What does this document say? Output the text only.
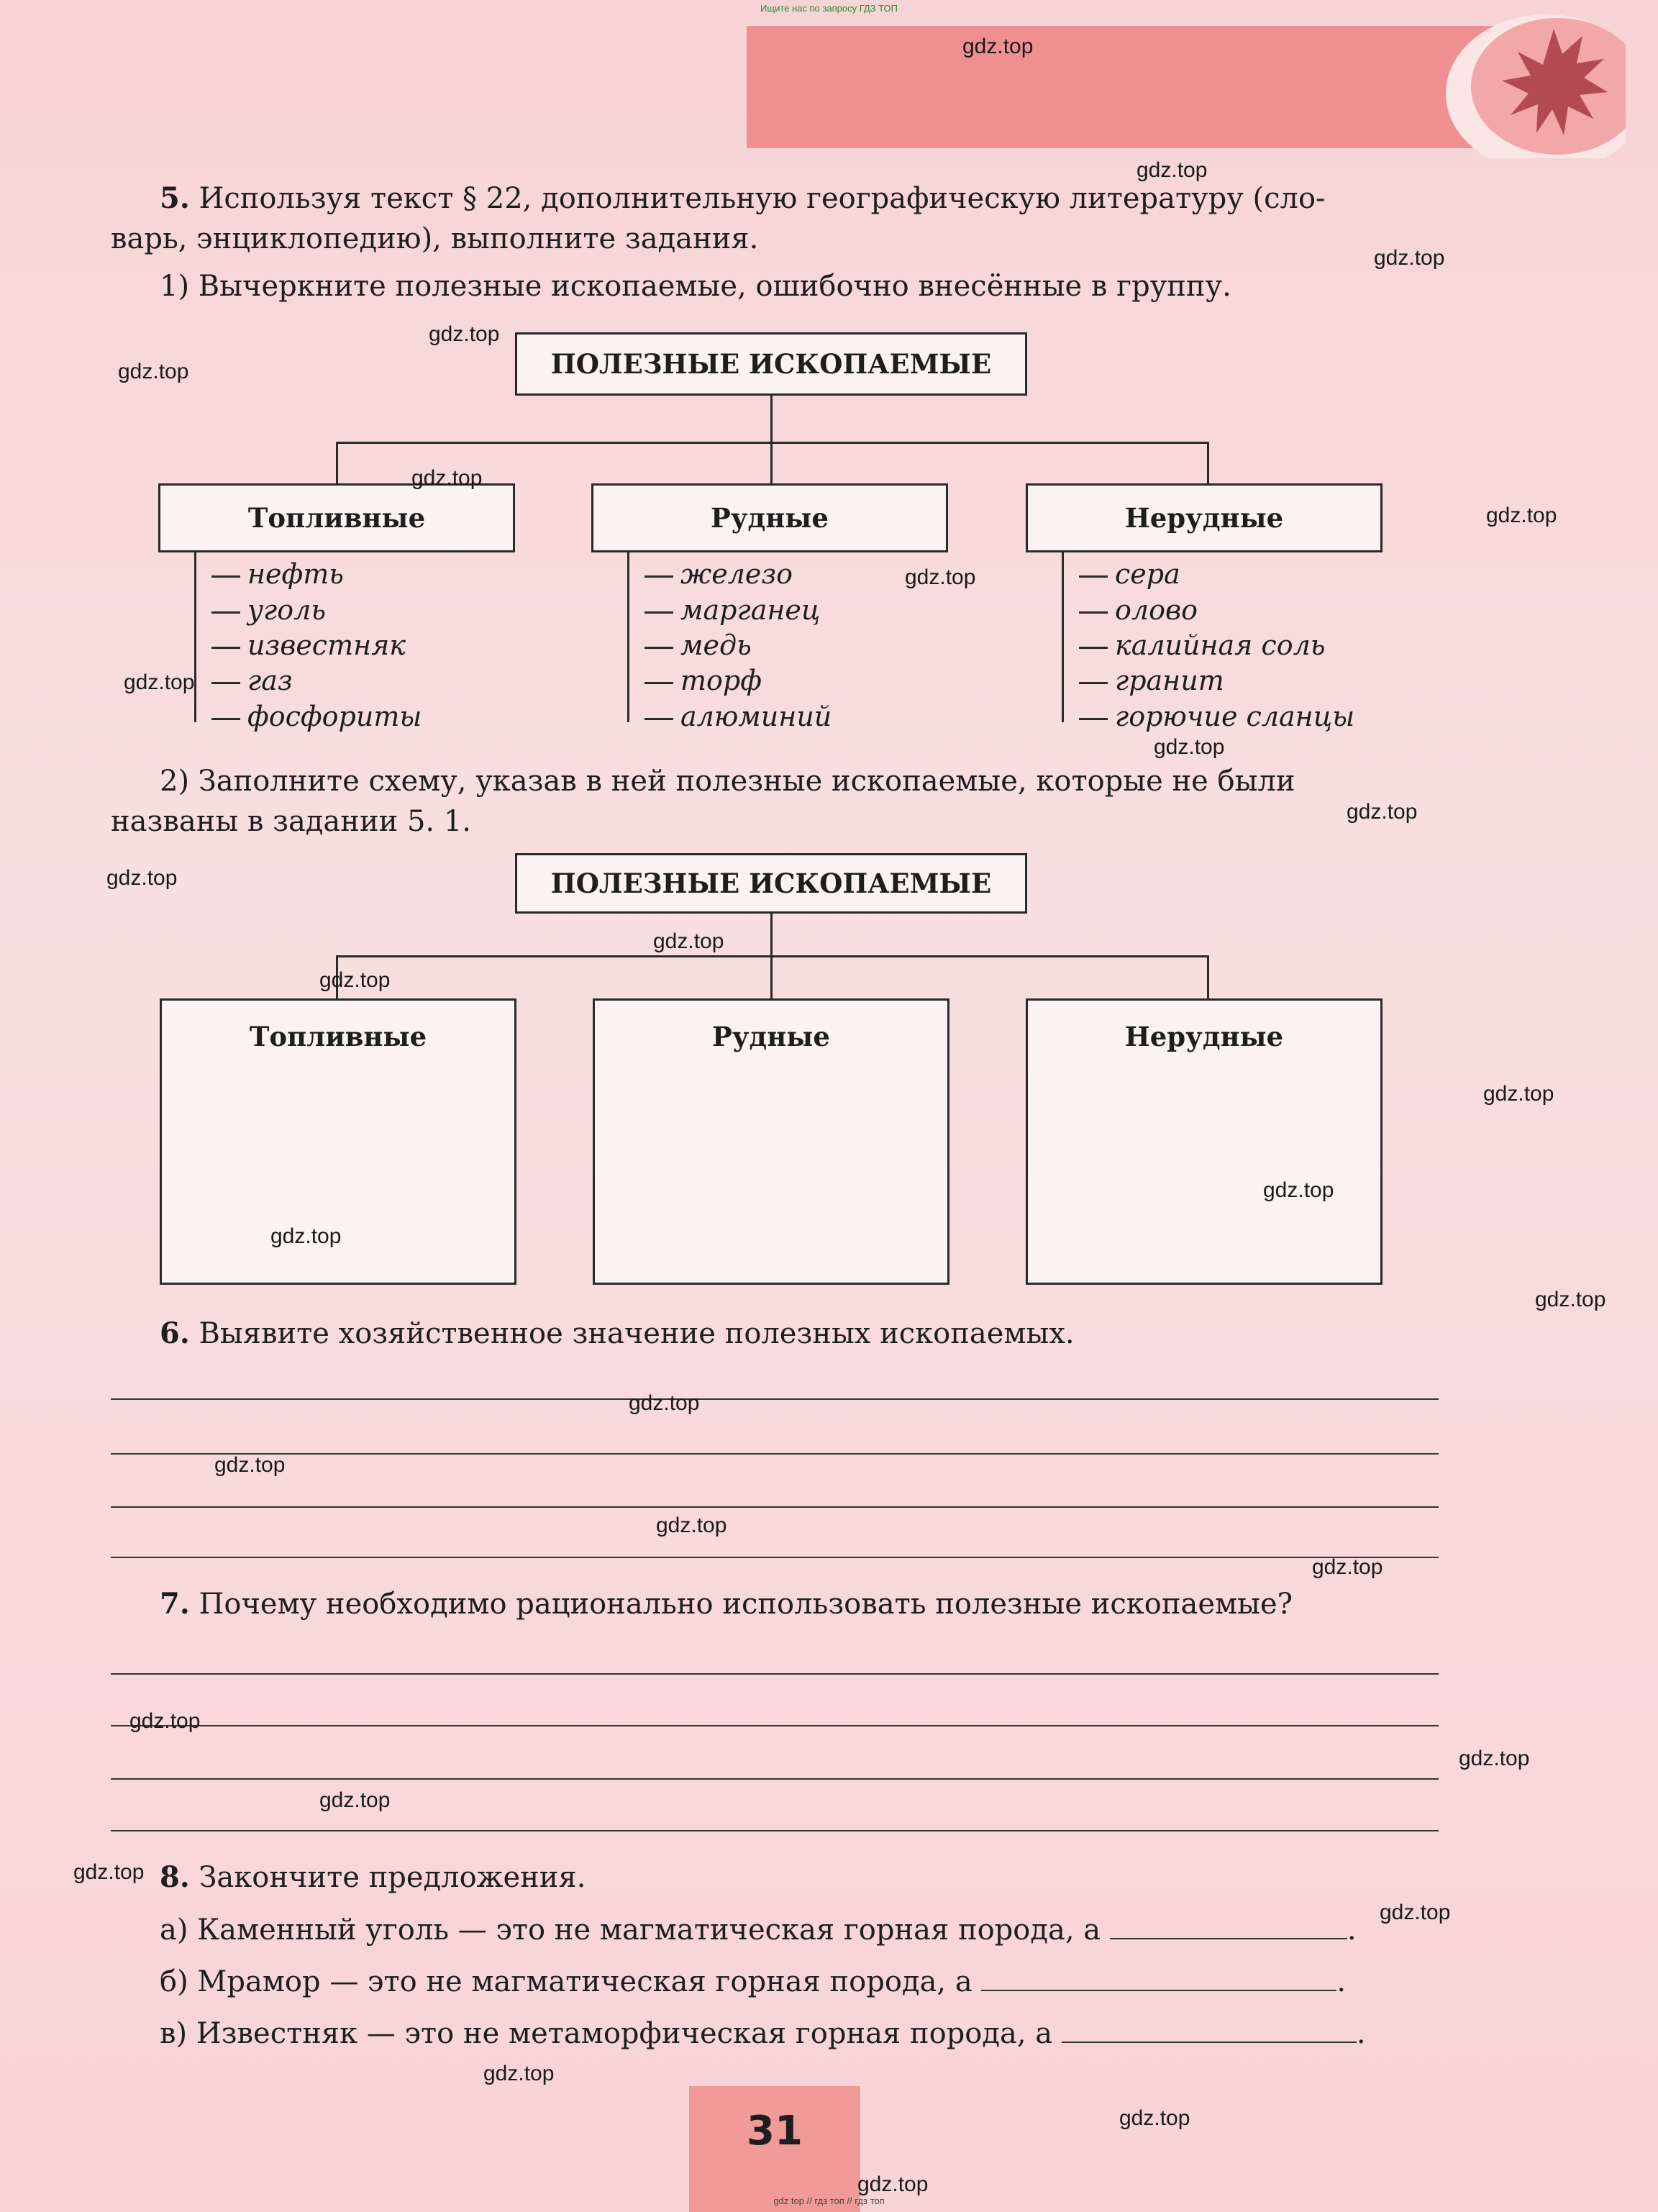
Ищите нас по запросу ГДЗ ТОП
5. Используя текст § 22, дополнительную географическую литературу (сло-
варь, энциклопедию), выполните задания.
1) Вычеркните полезные ископаемые, ошибочно внесённые в группу.
ПОЛЕЗНЫЕ ИСКОПАЕМЫЕ
Топливные	Рудные	Нерудные
нефть
уголь
известняк
газ
фосфориты
железо
марганец
медь
торф
алюминий
сера
олово
калийная соль
гранит
горючие сланцы
2) Заполните схему, указав в ней полезные ископаемые, которые не были
названы в задании 5. 1.
ПОЛЕЗНЫЕ ИСКОПАЕМЫЕ
Топливные	Рудные	Нерудные
6. Выявите хозяйственное значение полезных ископаемых.
7. Почему необходимо рационально использовать полезные ископаемые?
8. Закончите предложения.
а) Каменный уголь — это не магматическая горная порода, а	.
б) Мрамор — это не магматическая горная порода, а	.
в) Известняк — это не метаморфическая горная порода, а	.
31
gdz.top
gdz.top
gdz.top
gdz.top
gdz.top
gdz.top
gdz.top
gdz.top
gdz.top
gdz.top
gdz.top
gdz.top
gdz.top
gdz.top
gdz.top
gdz.top
gdz.top
gdz.top
gdz.top
gdz.top
gdz.top
gdz.top
gdz.top
gdz.top
gdz.top
gdz.top
gdz.top
gdz.top
gdz.top
gdz.top
gdz top // гдз топ // гдз топ
